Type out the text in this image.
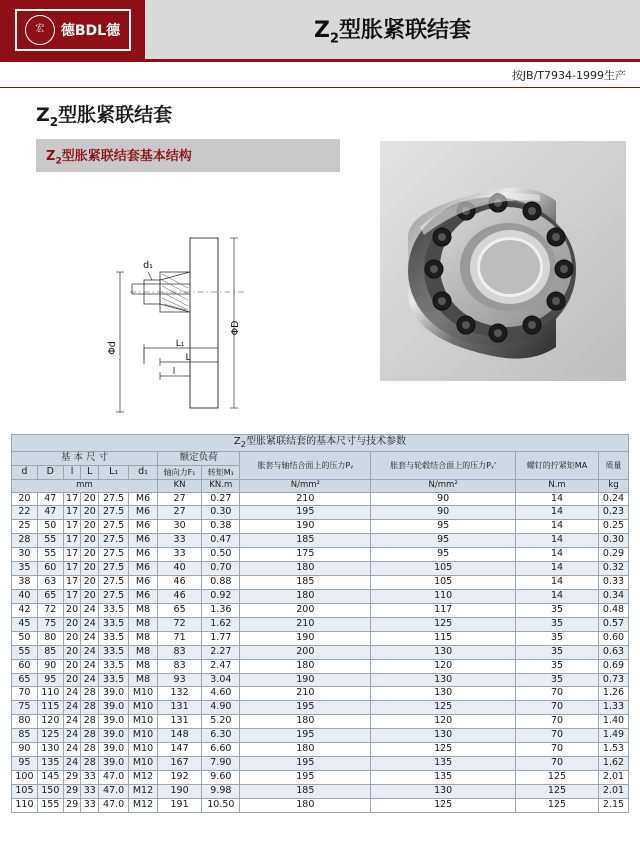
宏	德BDL德	$Z_2$型胀紧联结套
按JB/T7934-1999生产
$Z_2$型胀紧联结套
$Z_2$型胀紧联结套基本结构
L₁
L
l
ΦD
Φd
d₁
$Z_2$型胀紧联结套的基本尺寸与技术参数											
基 本 尺 寸						额定负荷		胀套与轴结合面上的压力Pᵧ	胀套与轮毂结合面上的压力Pᵧ'	螺钉的拧紧矩MA	质量
d	D	l	L	L₁	d₁	轴向力F₁	转矩M₁				
mm						KN	KN.m	N/mm²	N/mm²	N.m	kg
20	47	17	20	27.5	M6	27	0.27	210	90	14	0.24
22	47	17	20	27.5	M6	27	0.30	195	90	14	0.23
25	50	17	20	27.5	M6	30	0.38	190	95	14	0.25
28	55	17	20	27.5	M6	33	0.47	185	95	14	0.30
30	55	17	20	27.5	M6	33	0.50	175	95	14	0.29
35	60	17	20	27.5	M6	40	0.70	180	105	14	0.32
38	63	17	20	27.5	M6	46	0.88	185	105	14	0.33
40	65	17	20	27.5	M6	46	0.92	180	110	14	0.34
42	72	20	24	33.5	M8	65	1.36	200	117	35	0.48
45	75	20	24	33.5	M8	72	1.62	210	125	35	0.57
50	80	20	24	33.5	M8	71	1.77	190	115	35	0.60
55	85	20	24	33.5	M8	83	2.27	200	130	35	0.63
60	90	20	24	33.5	M8	83	2.47	180	120	35	0.69
65	95	20	24	33.5	M8	93	3.04	190	130	35	0.73
70	110	24	28	39.0	M10	132	4.60	210	130	70	1.26
75	115	24	28	39.0	M10	131	4.90	195	125	70	1.33
80	120	24	28	39.0	M10	131	5.20	180	120	70	1.40
85	125	24	28	39.0	M10	148	6.30	195	130	70	1.49
90	130	24	28	39.0	M10	147	6.60	180	125	70	1.53
95	135	24	28	39.0	M10	167	7.90	195	135	70	1.62
100	145	29	33	47.0	M12	192	9.60	195	135	125	2.01
105	150	29	33	47.0	M12	190	9.98	185	130	125	2.01
110	155	29	33	47.0	M12	191	10.50	180	125	125	2.15
